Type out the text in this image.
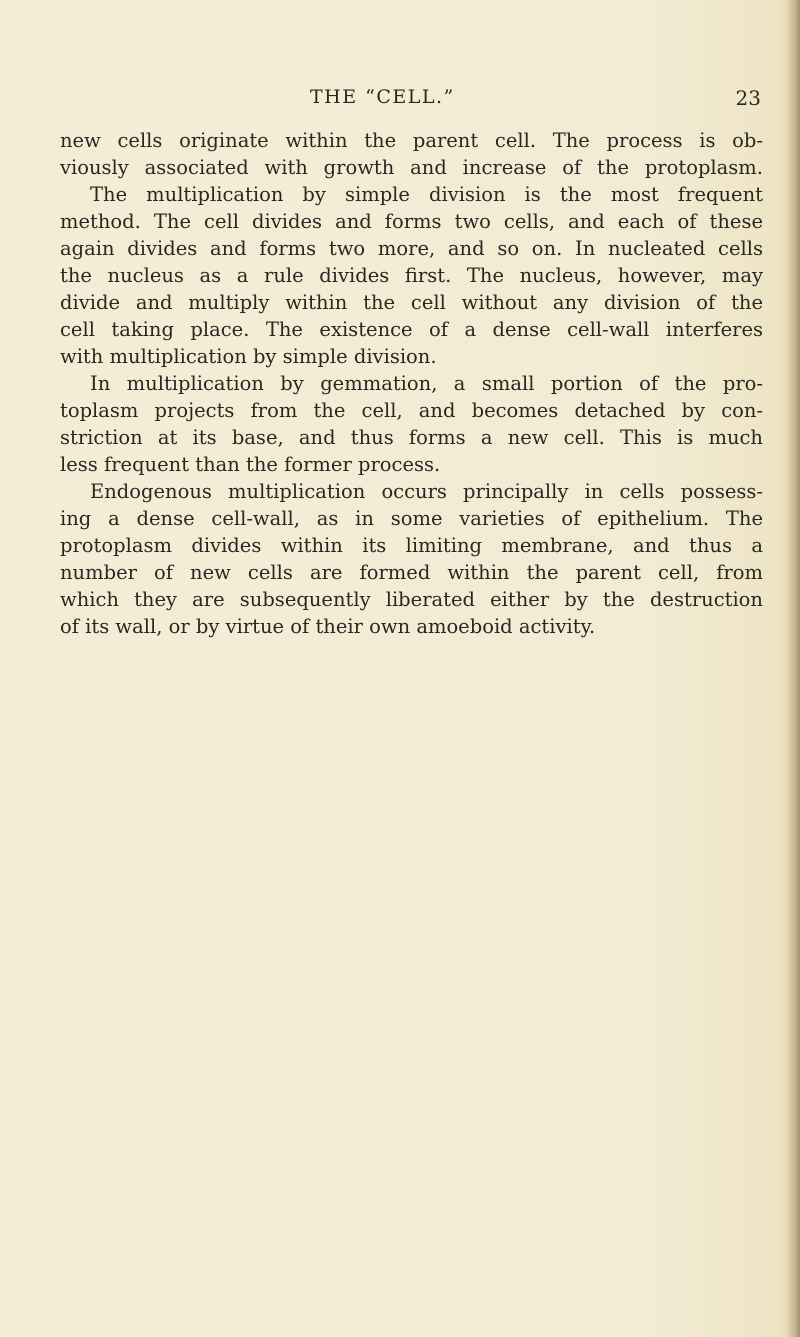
THE “CELL.”	23
new cells originate within the parent cell. The process is ob-
viously associated with growth and increase of the protoplasm.
The multiplication by simple division is the most frequent
method. The cell divides and forms two cells, and each of these
again divides and forms two more, and so on. In nucleated cells
the nucleus as a rule divides first. The nucleus, however, may
divide and multiply within the cell without any division of the
cell taking place. The existence of a dense cell-wall interferes
with multiplication by simple division.
In multiplication by gemmation, a small portion of the pro-
toplasm projects from the cell, and becomes detached by con-
striction at its base, and thus forms a new cell. This is much
less frequent than the former process.
Endogenous multiplication occurs principally in cells possess-
ing a dense cell-wall, as in some varieties of epithelium. The
protoplasm divides within its limiting membrane, and thus a
number of new cells are formed within the parent cell, from
which they are subsequently liberated either by the destruction
of its wall, or by virtue of their own amoeboid activity.
